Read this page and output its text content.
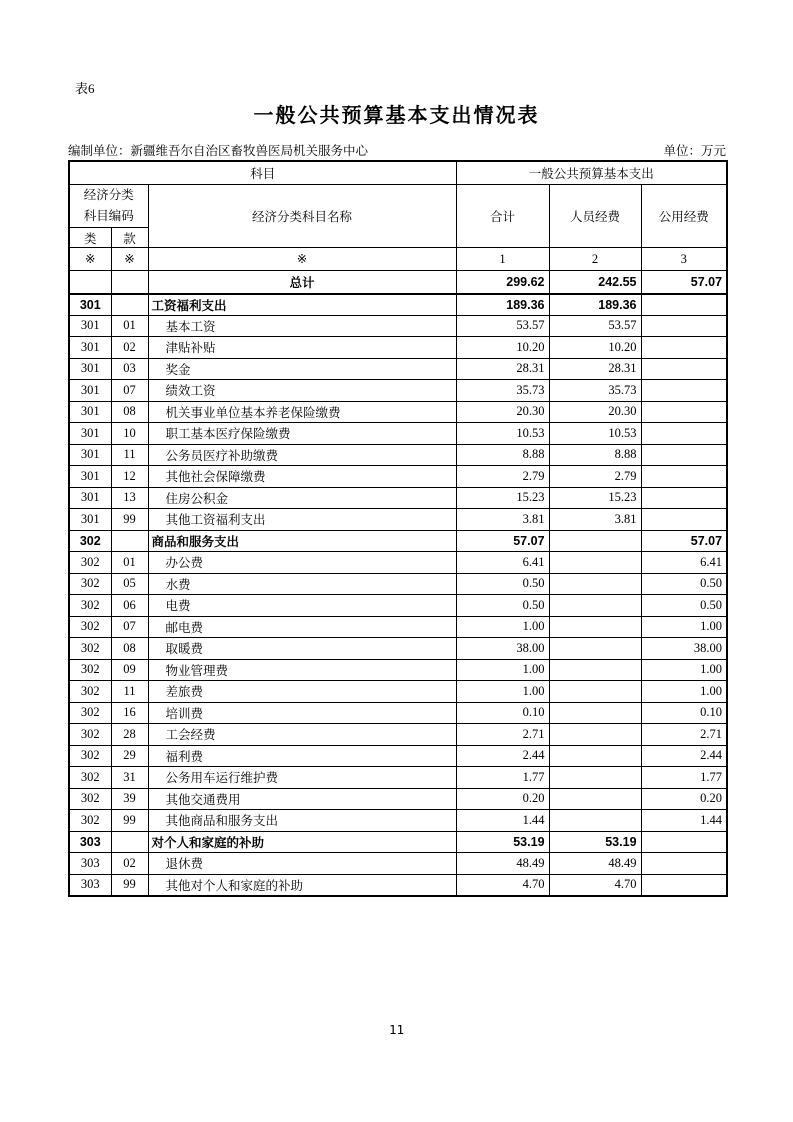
表6
一般公共预算基本支出情况表
编制单位：新疆维吾尔自治区畜牧兽医局机关服务中心	单位：万元
科目			一般公共预算基本支出		
经济分类科目编码		经济分类科目名称	合计	人员经费	公用经费
类	款				
※	※	※	1	2	3
		总计	299.62	242.55	57.07
301		工资福利支出	189.36	189.36	
301	01	基本工资	53.57	53.57	
301	02	津贴补贴	10.20	10.20	
301	03	奖金	28.31	28.31	
301	07	绩效工资	35.73	35.73	
301	08	机关事业单位基本养老保险缴费	20.30	20.30	
301	10	职工基本医疗保险缴费	10.53	10.53	
301	11	公务员医疗补助缴费	8.88	8.88	
301	12	其他社会保障缴费	2.79	2.79	
301	13	住房公积金	15.23	15.23	
301	99	其他工资福利支出	3.81	3.81	
302		商品和服务支出	57.07		57.07
302	01	办公费	6.41		6.41
302	05	水费	0.50		0.50
302	06	电费	0.50		0.50
302	07	邮电费	1.00		1.00
302	08	取暖费	38.00		38.00
302	09	物业管理费	1.00		1.00
302	11	差旅费	1.00		1.00
302	16	培训费	0.10		0.10
302	28	工会经费	2.71		2.71
302	29	福利费	2.44		2.44
302	31	公务用车运行维护费	1.77		1.77
302	39	其他交通费用	0.20		0.20
302	99	其他商品和服务支出	1.44		1.44
303		对个人和家庭的补助	53.19	53.19	
303	02	退休费	48.49	48.49	
303	99	其他对个人和家庭的补助	4.70	4.70	
11
